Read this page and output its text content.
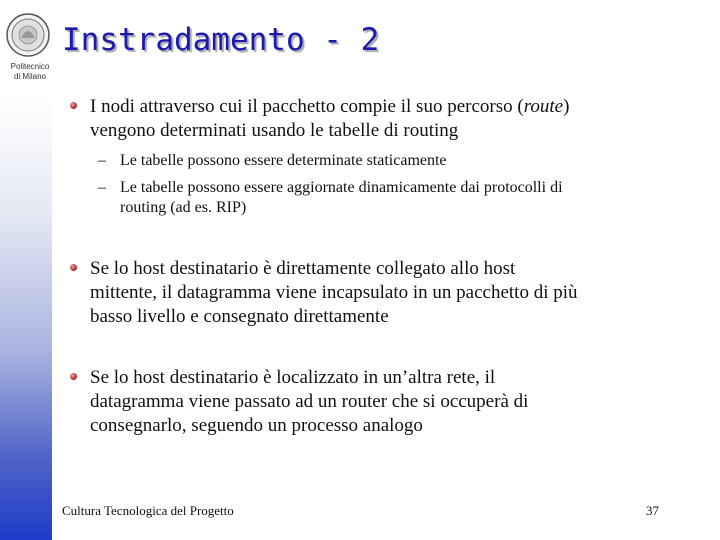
Politecnico
di Milano
Instradamento - 2
I nodi attraverso cui il pacchetto compie il suo percorso (route)
vengono determinati usando le tabelle di routing
– Le tabelle possono essere determinate staticamente
– Le tabelle possono essere aggiornate dinamicamente dai protocolli di
routing (ad es. RIP)
Se lo host destinatario è direttamente collegato allo host
mittente, il datagramma viene incapsulato in un pacchetto di più
basso livello e consegnato direttamente
Se lo host destinatario è localizzato in un’altra rete, il
datagramma viene passato ad un router che si occuperà di
consegnarlo, seguendo un processo analogo
Cultura Tecnologica del Progetto	37
